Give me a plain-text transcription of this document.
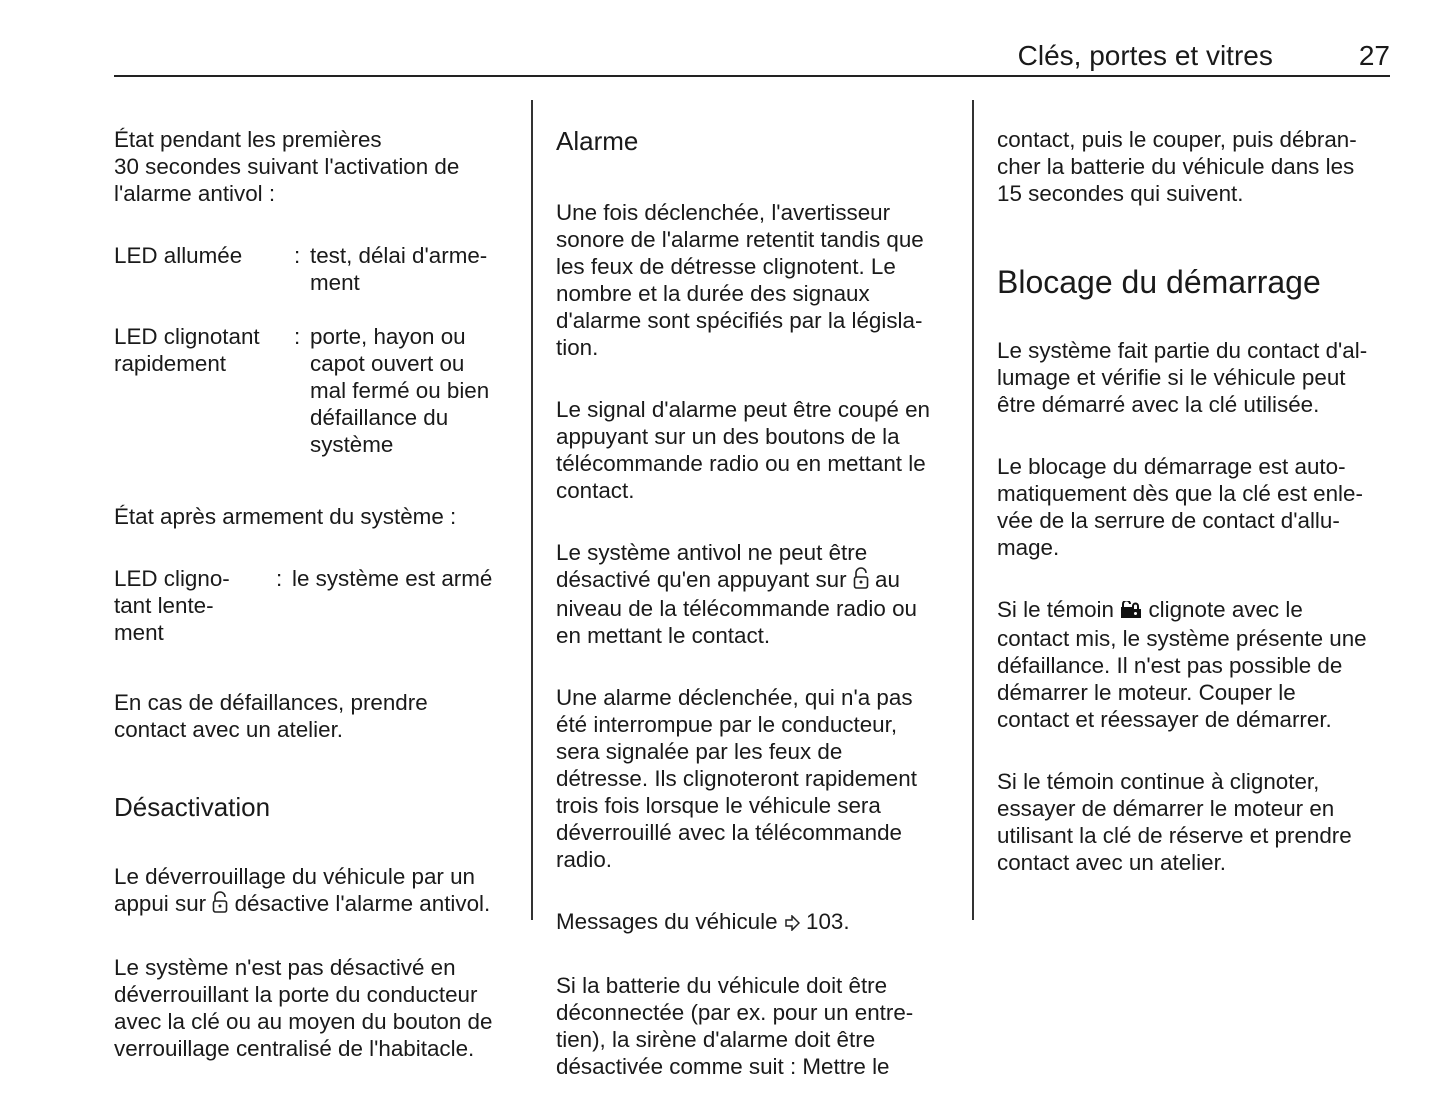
Clés, portes et vitres	27

État pendant les premières
30 secondes suivant l'activation de
l'alarme antivol :

LED allumée	: test, délai d'arme-
ment

LED clignotant
rapidement
: porte, hayon ou
capot ouvert ou
mal fermé ou bien
défaillance du
système

État après armement du système :

LED cligno-
tant lente-
ment
: le système est armé

En cas de défaillances, prendre
contact avec un atelier.

Désactivation

Le déverrouillage du véhicule par un
appui sur  désactive l'alarme antivol.

Le système n'est pas désactivé en
déverrouillant la porte du conducteur
avec la clé ou au moyen du bouton de
verrouillage centralisé de l'habitacle.

Alarme

Une fois déclenchée, l'avertisseur
sonore de l'alarme retentit tandis que
les feux de détresse clignotent. Le
nombre et la durée des signaux
d'alarme sont spécifiés par la législa-
tion.

Le signal d'alarme peut être coupé en
appuyant sur un des boutons de la
télécommande radio ou en mettant le
contact.

Le système antivol ne peut être
désactivé qu'en appuyant sur  au
niveau de la télécommande radio ou
en mettant le contact.

Une alarme déclenchée, qui n'a pas
été interrompue par le conducteur,
sera signalée par les feux de
détresse. Ils clignoteront rapidement
trois fois lorsque le véhicule sera
déverrouillé avec la télécommande
radio.

Messages du véhicule  103.

Si la batterie du véhicule doit être
déconnectée (par ex. pour un entre-
tien), la sirène d'alarme doit être
désactivée comme suit : Mettre le

contact, puis le couper, puis débran-
cher la batterie du véhicule dans les
15 secondes qui suivent.

Blocage du démarrage

Le système fait partie du contact d'al-
lumage et vérifie si le véhicule peut
être démarré avec la clé utilisée.

Le blocage du démarrage est auto-
matiquement dès que la clé est enle-
vée de la serrure de contact d'allu-
mage.

Si le témoin  clignote avec le
contact mis, le système présente une
défaillance. Il n'est pas possible de
démarrer le moteur. Couper le
contact et réessayer de démarrer.

Si le témoin continue à clignoter,
essayer de démarrer le moteur en
utilisant la clé de réserve et prendre
contact avec un atelier.
